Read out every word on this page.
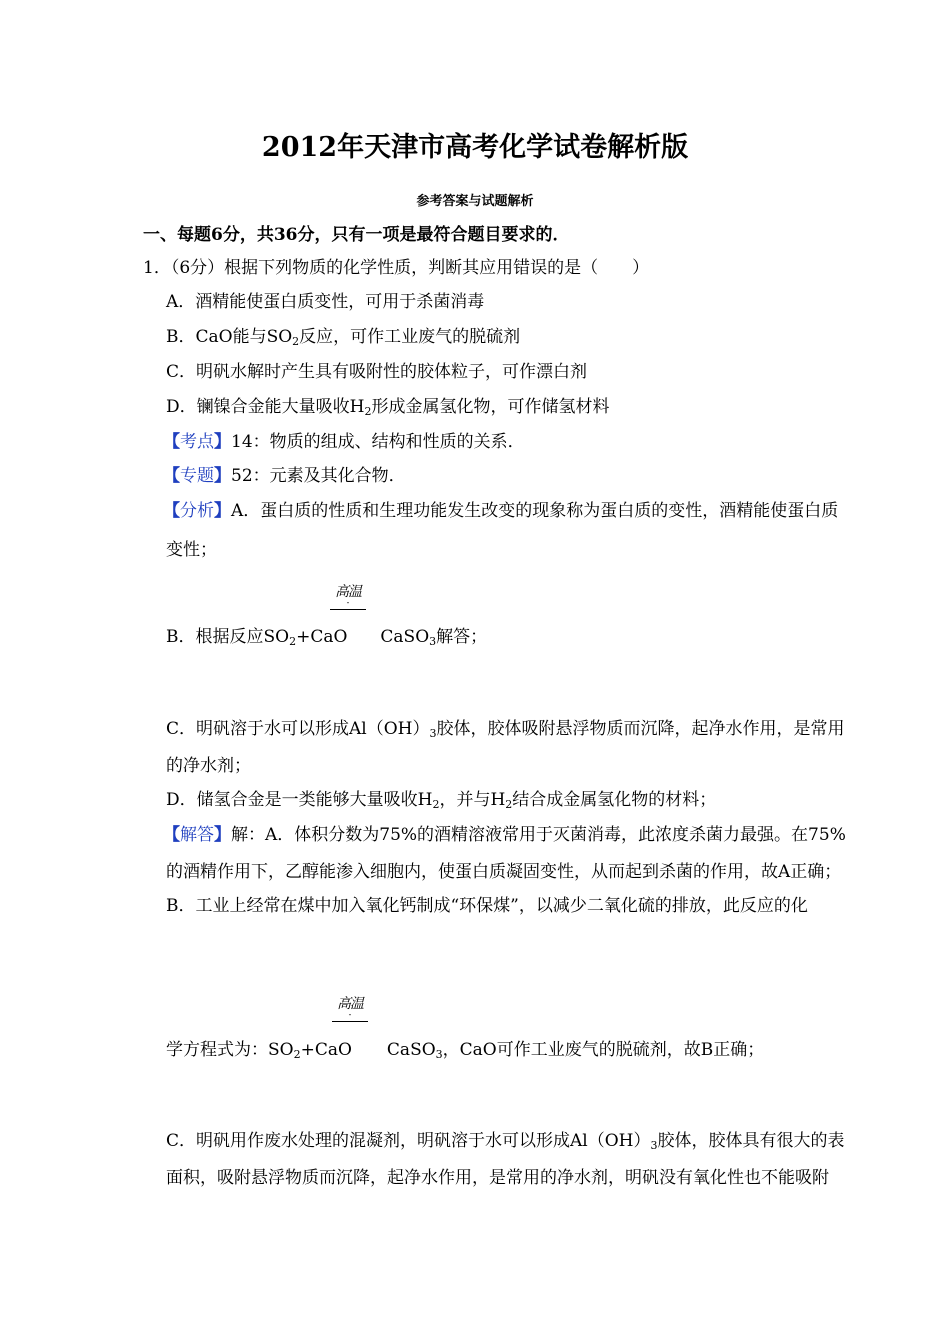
2012年天津市高考化学试卷解析版
参考答案与试题解析
一、每题6分，共36分，只有一项是最符合题目要求的．
1．（6分）根据下列物质的化学性质，判断其应用错误的是（　　）
A．酒精能使蛋白质变性，可用于杀菌消毒
B．CaO能与$SO_2$反应，可作工业废气的脱硫剂
C．明矾水解时产生具有吸附性的胶体粒子，可作漂白剂
D．镧镍合金能大量吸收$H_2$形成金属氢化物，可作储氢材料
【考点】14：物质的组成、结构和性质的关系．
【专题】52：元素及其化合物．
【分析】A．蛋白质的性质和生理功能发生改变的现象称为蛋白质的变性，酒精能使蛋白质
变性；
高温
-
B．根据反应$SO_2+CaO$ CaSO$_3$解答；
C．明矾溶于水可以形成$Al(OH)_3$胶体，胶体吸附悬浮物质而沉降，起净水作用，是常用
的净水剂；
D．储氢合金是一类能够大量吸收$H_2$，并与$H_2$结合成金属氢化物的材料；
【解答】解：A．体积分数为75%的酒精溶液常用于灭菌消毒，此浓度杀菌力最强。在75%
的酒精作用下，乙醇能渗入细胞内，使蛋白质凝固变性，从而起到杀菌的作用，故A正确；
B．工业上经常在煤中加入氧化钙制成“环保煤”，以减少二氧化硫的排放，此反应的化
高温
-
学方程式为：$SO_2+CaO$ CaSO$_3$，CaO可作工业废气的脱硫剂，故B正确；
C．明矾用作废水处理的混凝剂，明矾溶于水可以形成$Al(OH)_3$胶体，胶体具有很大的表
面积，吸附悬浮物质而沉降，起净水作用，是常用的净水剂，明矾没有氧化性也不能吸附
